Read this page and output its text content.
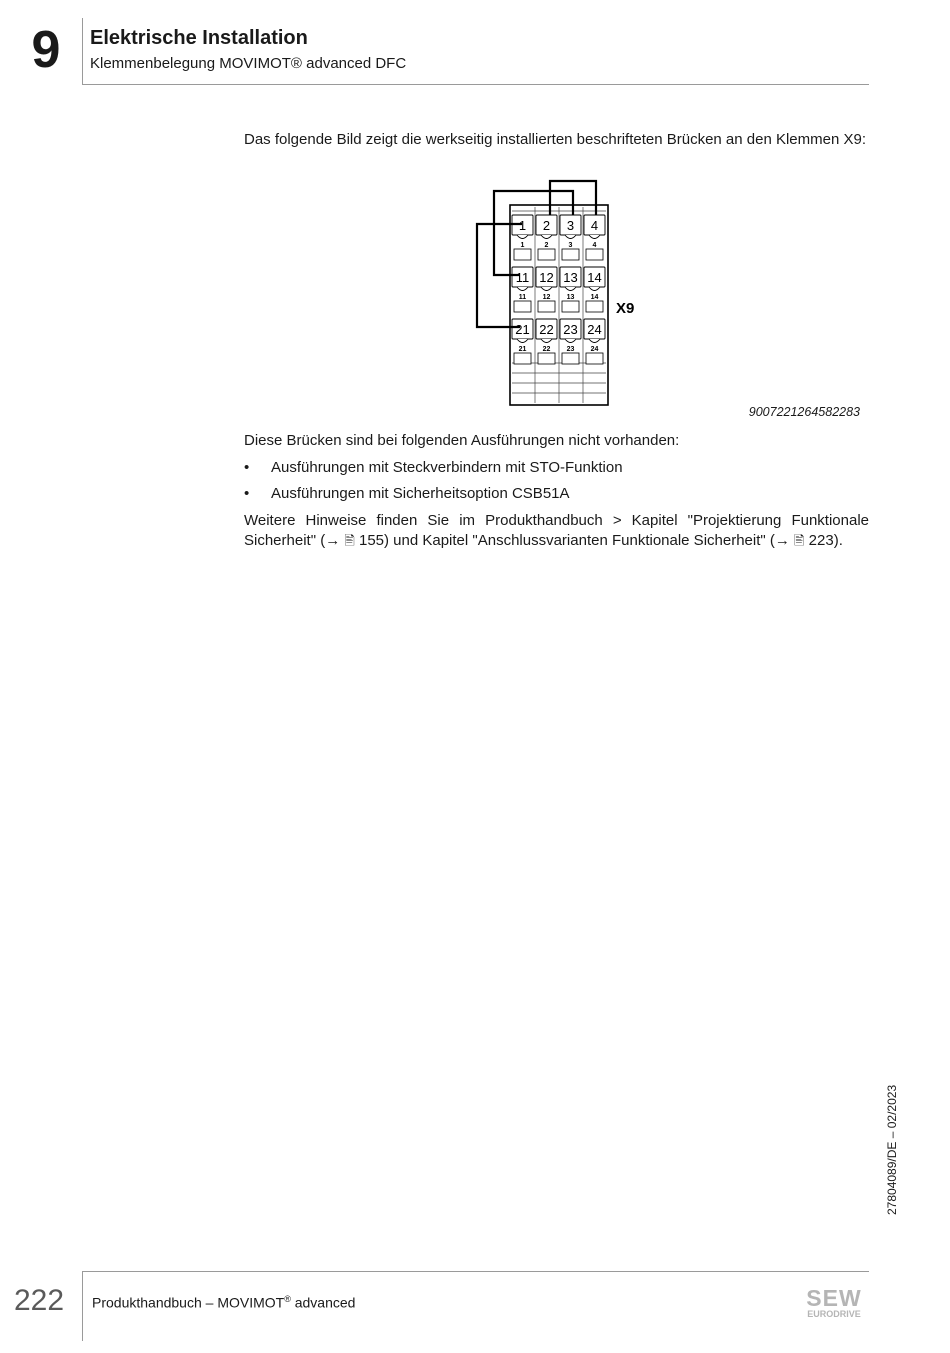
9	Elektrische Installation
Klemmenbelegung MOVIMOT® advanced DFC

Das folgende Bild zeigt die werkseitig installierten beschrifteten Brücken an den Klemmen X9:

1
1
2
2
3
3
4
4
11
11
12
12
13
13
14
14
21
21
22
22
23
23
24
24
X9
9007221264582283

Diese Brücken sind bei folgenden Ausführungen nicht vorhanden:

• Ausführungen mit Steckverbindern mit STO-Funktion
• Ausführungen mit Sicherheitsoption CSB51A

Weitere Hinweise finden Sie im Produkthandbuch > Kapitel "Projektierung Funktionale Sicherheit" (→ 🖹 155) und Kapitel "Anschlussvarianten Funktionale Sicherheit" (→ 🖹 223).

27804089/DE – 02/2023
222 Produkthandbuch – MOVIMOT® advanced	SEW
EURODRIVE
